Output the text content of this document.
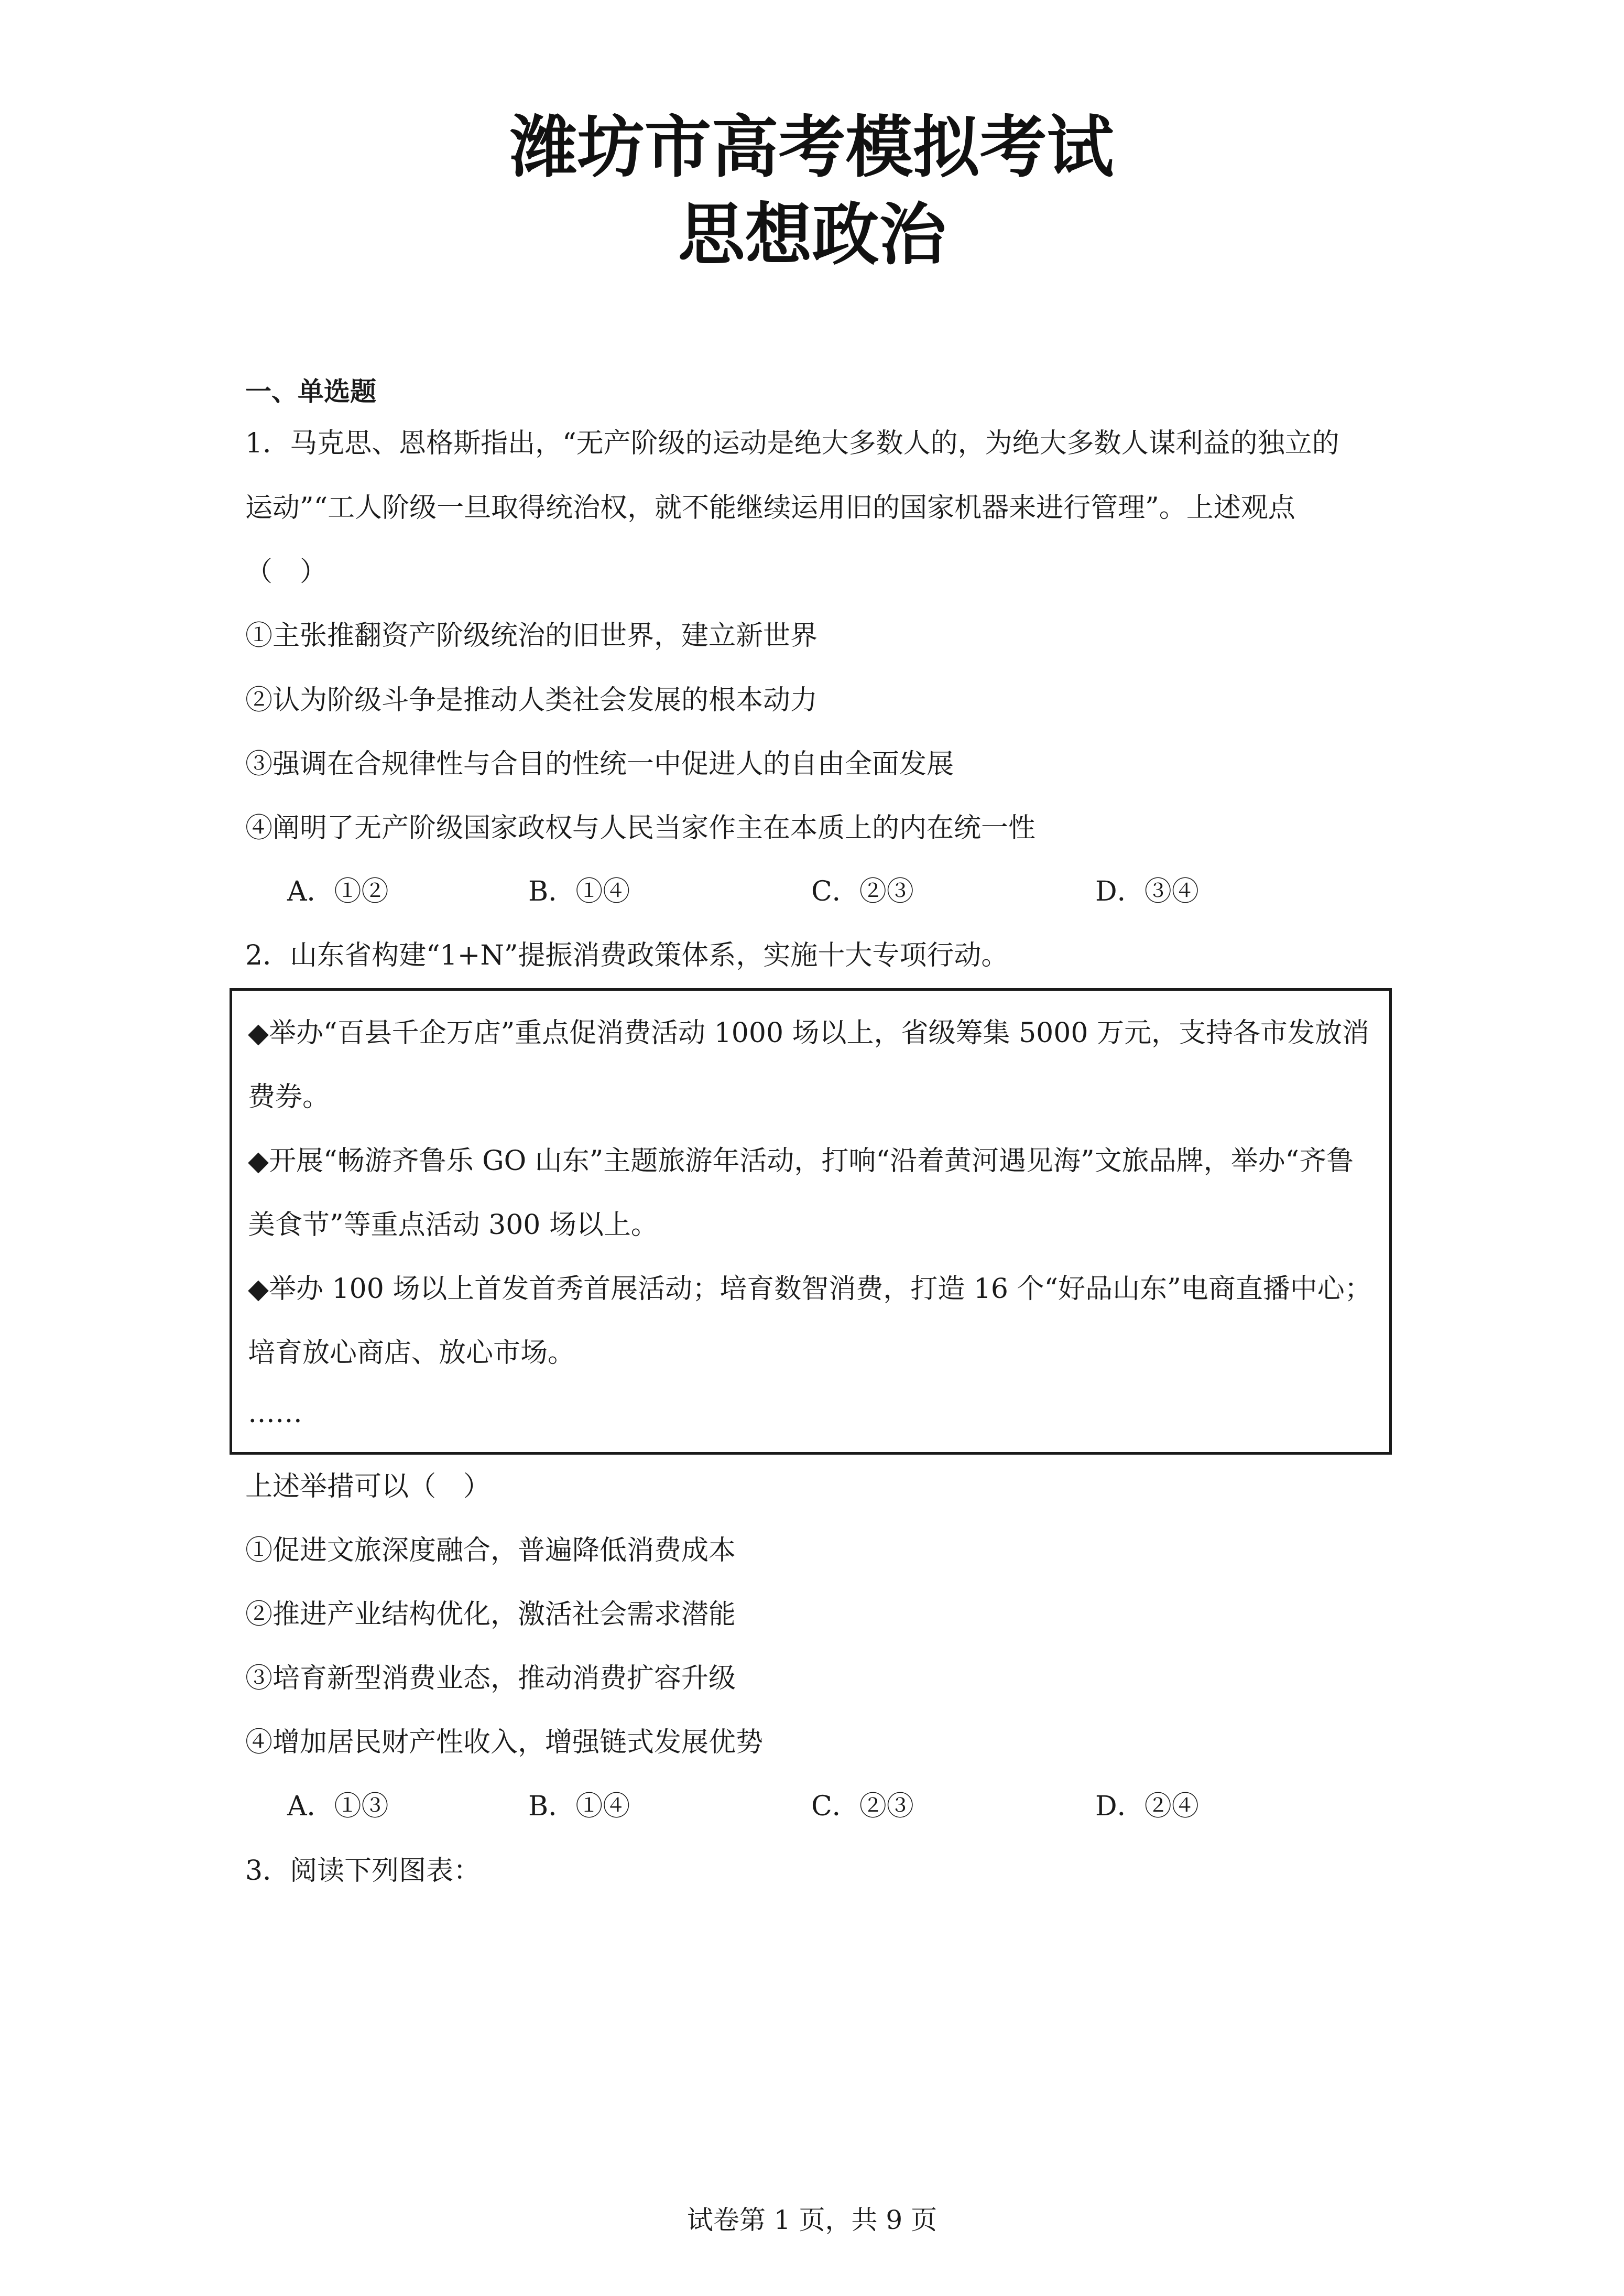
潍坊市高考模拟考试
思想政治
一、单选题
1．马克思、恩格斯指出，“无产阶级的运动是绝大多数人的，为绝大多数人谋利益的独立的
运动”“工人阶级一旦取得统治权，就不能继续运用旧的国家机器来进行管理”。上述观点
（　）
①主张推翻资产阶级统治的旧世界，建立新世界
②认为阶级斗争是推动人类社会发展的根本动力
③强调在合规律性与合目的性统一中促进人的自由全面发展
④阐明了无产阶级国家政权与人民当家作主在本质上的内在统一性
A．①②	B．①④	C．②③	D．③④
2．山东省构建“1+N”提振消费政策体系，实施十大专项行动。
◆举办“百县千企万店”重点促消费活动 1000 场以上，省级筹集 5000 万元，支持各市发放消
费券。
◆开展“畅游齐鲁乐 GO 山东”主题旅游年活动，打响“沿着黄河遇见海”文旅品牌，举办“齐鲁
美食节”等重点活动 300 场以上。
◆举办 100 场以上首发首秀首展活动；培育数智消费，打造 16 个“好品山东”电商直播中心；
培育放心商店、放心市场。
……
上述举措可以（　）
①促进文旅深度融合，普遍降低消费成本
②推进产业结构优化，激活社会需求潜能
③培育新型消费业态，推动消费扩容升级
④增加居民财产性收入，增强链式发展优势
A．①③	B．①④	C．②③	D．②④
3．阅读下列图表：
试卷第 1 页，共 9 页
